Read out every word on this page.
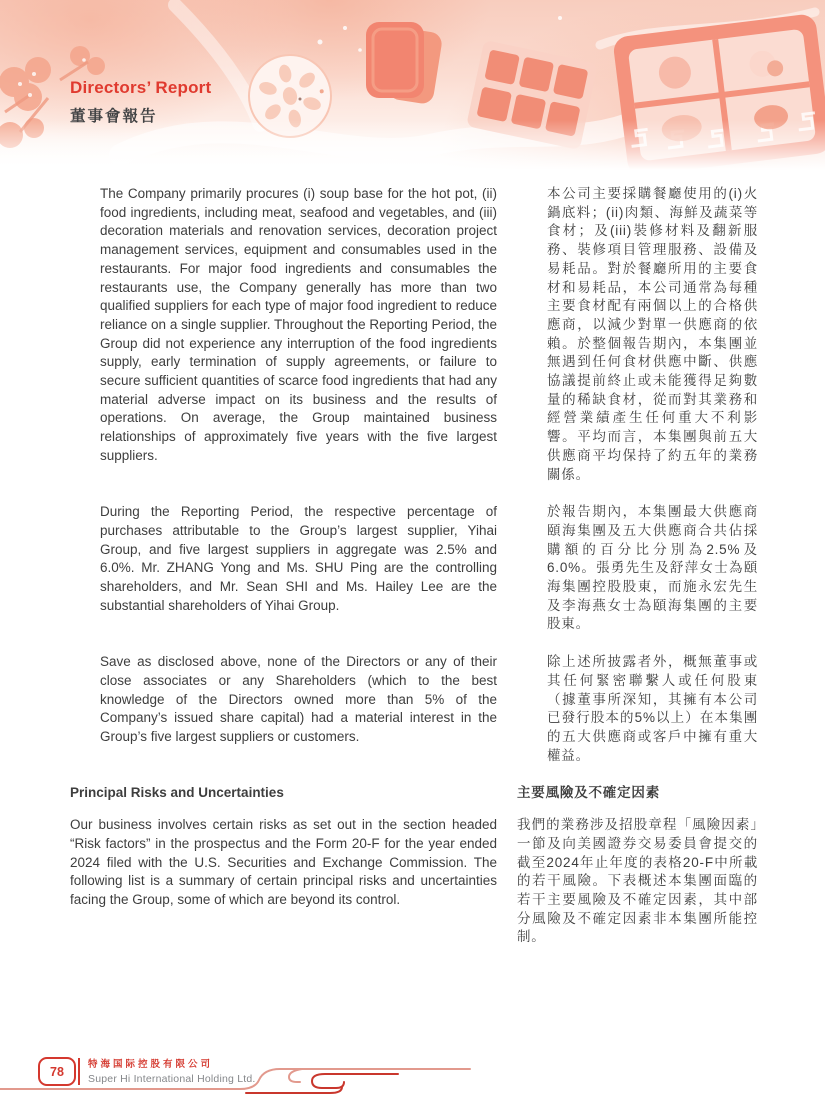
Directors’ Report
董事會報告
The Company primarily procures (i) soup base for the hot pot, (ii) food ingredients, including meat, seafood and vegetables, and (iii) decoration materials and renovation services, decoration project management services, equipment and consumables used in the restaurants. For major food ingredients and consumables the restaurants use, the Company generally has more than two qualified suppliers for each type of major food ingredient to reduce reliance on a single supplier. Throughout the Reporting Period, the Group did not experience any interruption of the food ingredients supply, early termination of supply agreements, or failure to secure sufficient quantities of scarce food ingredients that had any material adverse impact on its business and the results of operations. On average, the Group maintained business relationships of approximately five years with the five largest suppliers.
本公司主要採購餐廳使用的(i)火鍋底料；(ii)肉類、海鮮及蔬菜等食材；及(iii)裝修材料及翻新服務、裝修項目管理服務、設備及易耗品。對於餐廳所用的主要食材和易耗品，本公司通常為每種主要食材配有兩個以上的合格供應商，以減少對單一供應商的依賴。於整個報告期內，本集團並無遇到任何食材供應中斷、供應協議提前終止或未能獲得足夠數量的稀缺食材，從而對其業務和經營業績產生任何重大不利影響。平均而言，本集團與前五大供應商平均保持了約五年的業務關係。
During the Reporting Period, the respective percentage of purchases attributable to the Group’s largest supplier, Yihai Group, and five largest suppliers in aggregate was 2.5% and 6.0%. Mr. ZHANG Yong and Ms. SHU Ping are the controlling shareholders, and Mr. Sean SHI and Ms. Hailey Lee are the substantial shareholders of Yihai Group.
於報告期內，本集團最大供應商頤海集團及五大供應商合共佔採購額的百分比分別為2.5%及6.0%。張勇先生及舒萍女士為頤海集團控股股東，而施永宏先生及李海燕女士為頤海集團的主要股東。
Save as disclosed above, none of the Directors or any of their close associates or any Shareholders (which to the best knowledge of the Directors owned more than 5% of the Company’s issued share capital) had a material interest in the Group’s five largest suppliers or customers.
除上述所披露者外，概無董事或其任何緊密聯繫人或任何股東（據董事所深知，其擁有本公司已發行股本的5%以上）在本集團的五大供應商或客戶中擁有重大權益。
Principal Risks and Uncertainties	主要風險及不確定因素
Our business involves certain risks as set out in the section headed “Risk factors” in the prospectus and the Form 20-F for the year ended 2024 filed with the U.S. Securities and Exchange Commission. The following list is a summary of certain principal risks and uncertainties facing the Group, some of which are beyond its control.
我們的業務涉及招股章程「風險因素」一節及向美國證券交易委員會提交的截至2024年止年度的表格20-F中所載的若干風險。下表概述本集團面臨的若干主要風險及不確定因素，其中部分風險及不確定因素非本集團所能控制。
78	特海国际控股有限公司
Super Hi International Holding Ltd.
